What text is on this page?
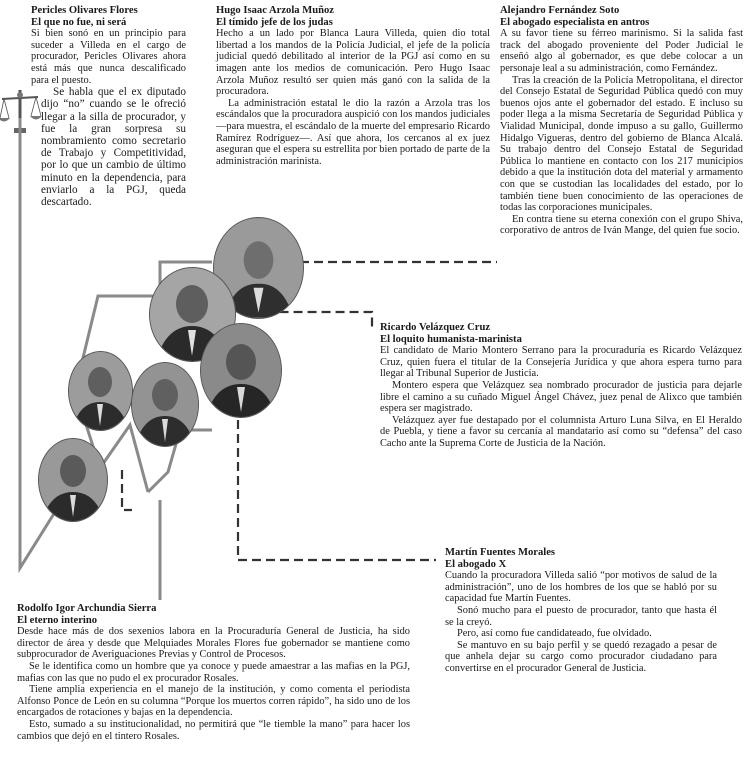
Pericles Olivares Flores
El que no fue, ni será

Si bien sonó en un principio para suceder a Villeda en el cargo de procurador, Pericles Olivares ahora está más que nunca descalificado para el puesto.

Se habla que el ex diputado dijo “no” cuando se le ofreció llegar a la silla de procurador, y fue la gran sorpresa su nombramiento como secretario de Trabajo y Competitividad, por lo que un cambio de último minuto en la dependencia, para enviarlo a la PGJ, queda descartado.

Hugo Isaac Arzola Muñoz
El tímido jefe de los judas

Hecho a un lado por Blanca Laura Villeda, quien dio total libertad a los mandos de la Policía Judicial, el jefe de la policía judicial quedó debilitado al interior de la PGJ así como en su imagen ante los medios de comunicación. Pero Hugo Isaac Arzola Muñoz resultó ser quien más ganó con la salida de la procuradora.

La administración estatal le dio la razón a Arzola tras los escándalos que la procuradora auspició con los mandos judiciales —para muestra, el escándalo de la muerte del empresario Ricardo Ramírez Rodríguez—. Así que ahora, los cercanos al ex juez aseguran que el espera su estrellita por bien portado de parte de la administración marinista.

Alejandro Fernández Soto
El abogado especialista en antros

A su favor tiene su férreo marinismo. Si la salida fast track del abogado proveniente del Poder Judicial le enseñó algo al gobernador, es que debe colocar a un personaje leal a su administración, como Fernández.

Tras la creación de la Policía Metropolitana, el director del Consejo Estatal de Seguridad Pública quedó con muy buenos ojos ante el gobernador del estado. E incluso su poder llega a la misma Secretaría de Seguridad Pública y Vialidad Municipal, donde impuso a su gallo, Guillermo Hidalgo Vigueras, dentro del gobierno de Blanca Alcalá. Su trabajo dentro del Consejo Estatal de Seguridad Pública lo mantiene en contacto con los 217 municipios debido a que la institución dota del material y armamento con que se custodian las localidades del estado, por lo también tiene buen conocimiento de las operaciones de todas las corporaciones municipales.

En contra tiene su eterna conexión con el grupo Shiva, corporativo de antros de Iván Mange, del quien fue socio.

Ricardo Velázquez Cruz
El loquito humanista-marinista

El candidato de Mario Montero Serrano para la procuraduría es Ricardo Velázquez Cruz, quien fuera el titular de la Consejería Jurídica y que ahora espera turno para llegar al Tribunal Superior de Justicia.

Montero espera que Velázquez sea nombrado procurador de justicia para dejarle libre el camino a su cuñado Miguel Ángel Chávez, juez penal de Alixco que también espera ser magistrado.

Velázquez ayer fue destapado por el columnista Arturo Luna Silva, en El Heraldo de Puebla, y tiene a favor su cercanía al mandatario así como su “defensa” del caso Cacho ante la Suprema Corte de Justicia de la Nación.

Martín Fuentes Morales
El abogado X

Cuando la procuradora Villeda salió “por motivos de salud de la administración”, uno de los hombres de los que se habló por su capacidad fue Martín Fuentes.

Sonó mucho para el puesto de procurador, tanto que hasta él se la creyó.

Pero, así como fue candidateado, fue olvidado.

Se mantuvo en su bajo perfil y se quedó rezagado a pesar de que anhela dejar su cargo como procurador ciudadano para convertirse en el procurador General de Justicia.

Rodolfo Igor Archundia Sierra
El eterno interino

Desde hace más de dos sexenios labora en la Procuraduría General de Justicia, ha sido director de área y desde que Melquiades Morales Flores fue gobernador se mantiene como subprocurador de Averiguaciones Previas y Control de Procesos.

Se le identifica como un hombre que ya conoce y puede amaestrar a las mafias en la PGJ, mafias con las que no pudo el ex procurador Rosales.

Tiene amplia experiencia en el manejo de la institución, y como comenta el periodista Alfonso Ponce de León en su columna “Porque los muertos corren rápido”, ha sido uno de los encargados de rotaciones y bajas en la dependencia.

Esto, sumado a su institucionalidad, no permitirá que “le tiemble la mano” para hacer los cambios que dejó en el tintero Rosales.
